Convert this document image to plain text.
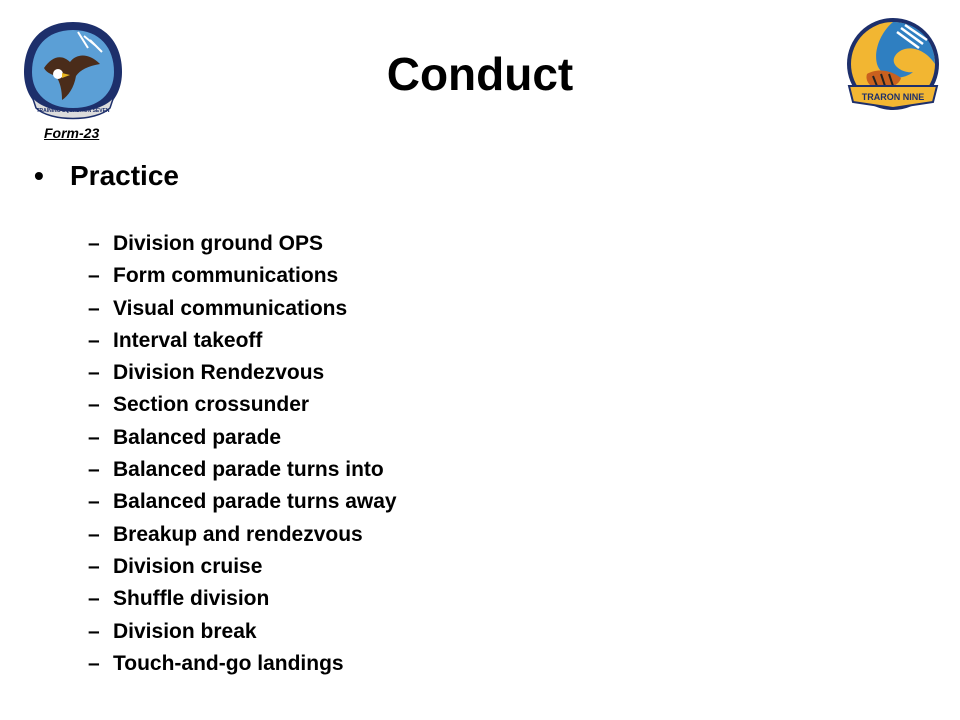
TRAINING SQUADRON SEVEN
Form-23
Conduct	TRARON NINE
• Practice
– Division ground OPS
– Form communications
– Visual communications
– Interval takeoff
– Division Rendezvous
– Section crossunder
– Balanced parade
– Balanced parade turns into
– Balanced parade turns away
– Breakup and rendezvous
– Division cruise
– Shuffle division
– Division break
– Touch-and-go landings
